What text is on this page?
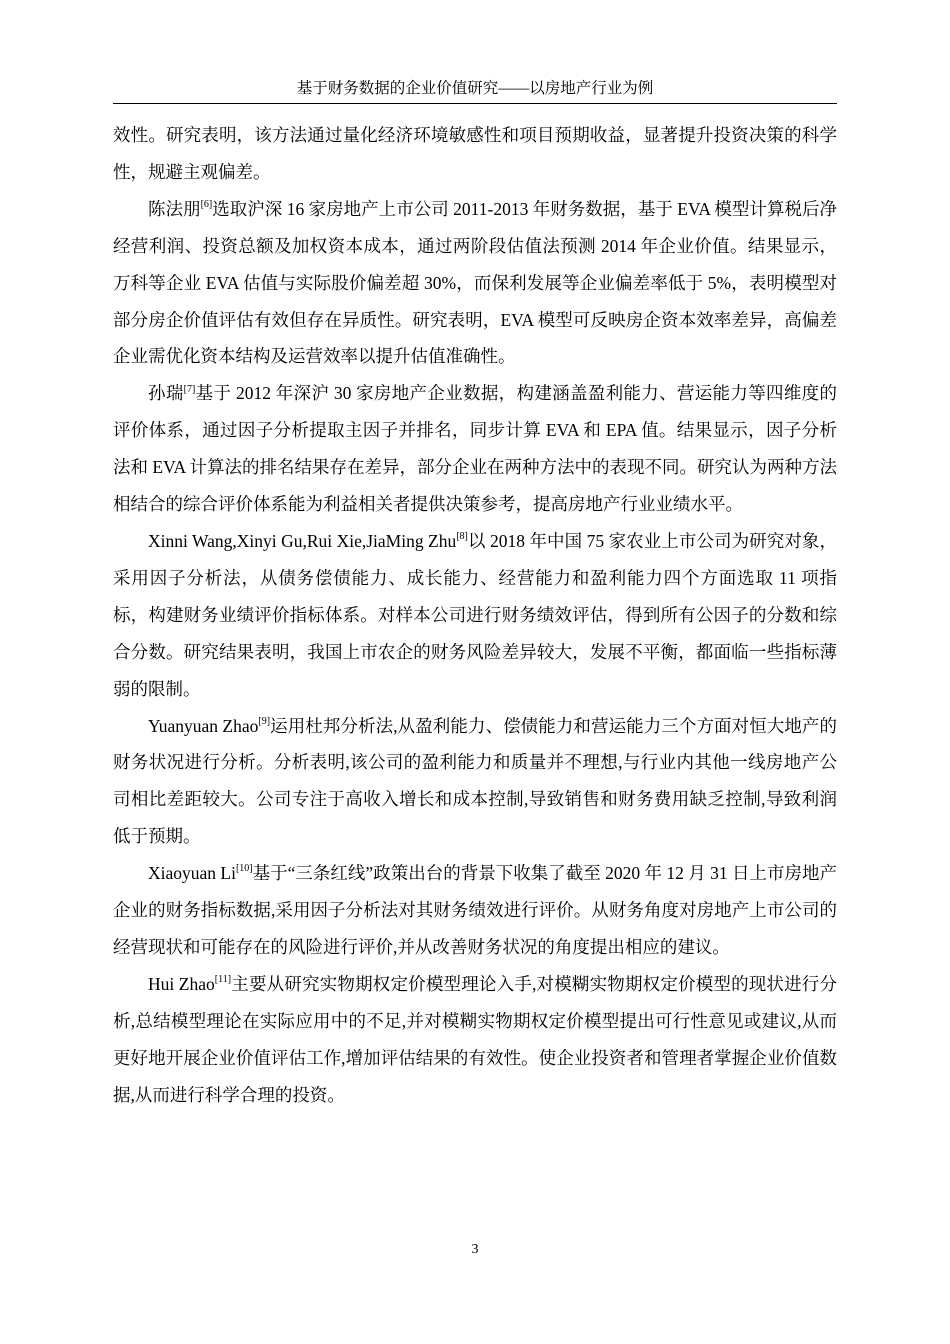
基于财务数据的企业价值研究——以房地产行业为例

效性。研究表明，该方法通过量化经济环境敏感性和项目预期收益，显著提升投资决策的科学性，规避主观偏差。

陈法朋[6]选取沪深 16 家房地产上市公司 2011-2013 年财务数据，基于 EVA 模型计算税后净经营利润、投资总额及加权资本成本，通过两阶段估值法预测 2014 年企业价值。结果显示，万科等企业 EVA 估值与实际股价偏差超 30%，而保利发展等企业偏差率低于 5%，表明模型对部分房企价值评估有效但存在异质性。研究表明，EVA 模型可反映房企资本效率差异，高偏差企业需优化资本结构及运营效率以提升估值准确性。

孙瑞[7]基于 2012 年深沪 30 家房地产企业数据，构建涵盖盈利能力、营运能力等四维度的评价体系，通过因子分析提取主因子并排名，同步计算 EVA 和 EPA 值。结果显示，因子分析法和 EVA 计算法的排名结果存在差异，部分企业在两种方法中的表现不同。研究认为两种方法相结合的综合评价体系能为利益相关者提供决策参考，提高房地产行业业绩水平。

Xinni Wang,Xinyi Gu,Rui Xie,JiaMing Zhu[8]以 2018 年中国 75 家农业上市公司为研究对象，采用因子分析法，从债务偿债能力、成长能力、经营能力和盈利能力四个方面选取 11 项指标，构建财务业绩评价指标体系。对样本公司进行财务绩效评估，得到所有公因子的分数和综合分数。研究结果表明，我国上市农企的财务风险差异较大，发展不平衡，都面临一些指标薄弱的限制。

Yuanyuan Zhao[9]运用杜邦分析法,从盈利能力、偿债能力和营运能力三个方面对恒大地产的财务状况进行分析。分析表明,该公司的盈利能力和质量并不理想,与行业内其他一线房地产公司相比差距较大。公司专注于高收入增长和成本控制,导致销售和财务费用缺乏控制,导致利润低于预期。

Xiaoyuan Li[10]基于“三条红线”政策出台的背景下收集了截至 2020 年 12 月 31 日上市房地产企业的财务指标数据,采用因子分析法对其财务绩效进行评价。从财务角度对房地产上市公司的经营现状和可能存在的风险进行评价,并从改善财务状况的角度提出相应的建议。

Hui Zhao[11]主要从研究实物期权定价模型理论入手,对模糊实物期权定价模型的现状进行分析,总结模型理论在实际应用中的不足,并对模糊实物期权定价模型提出可行性意见或建议,从而更好地开展企业价值评估工作,增加评估结果的有效性。使企业投资者和管理者掌握企业价值数据,从而进行科学合理的投资。

3
